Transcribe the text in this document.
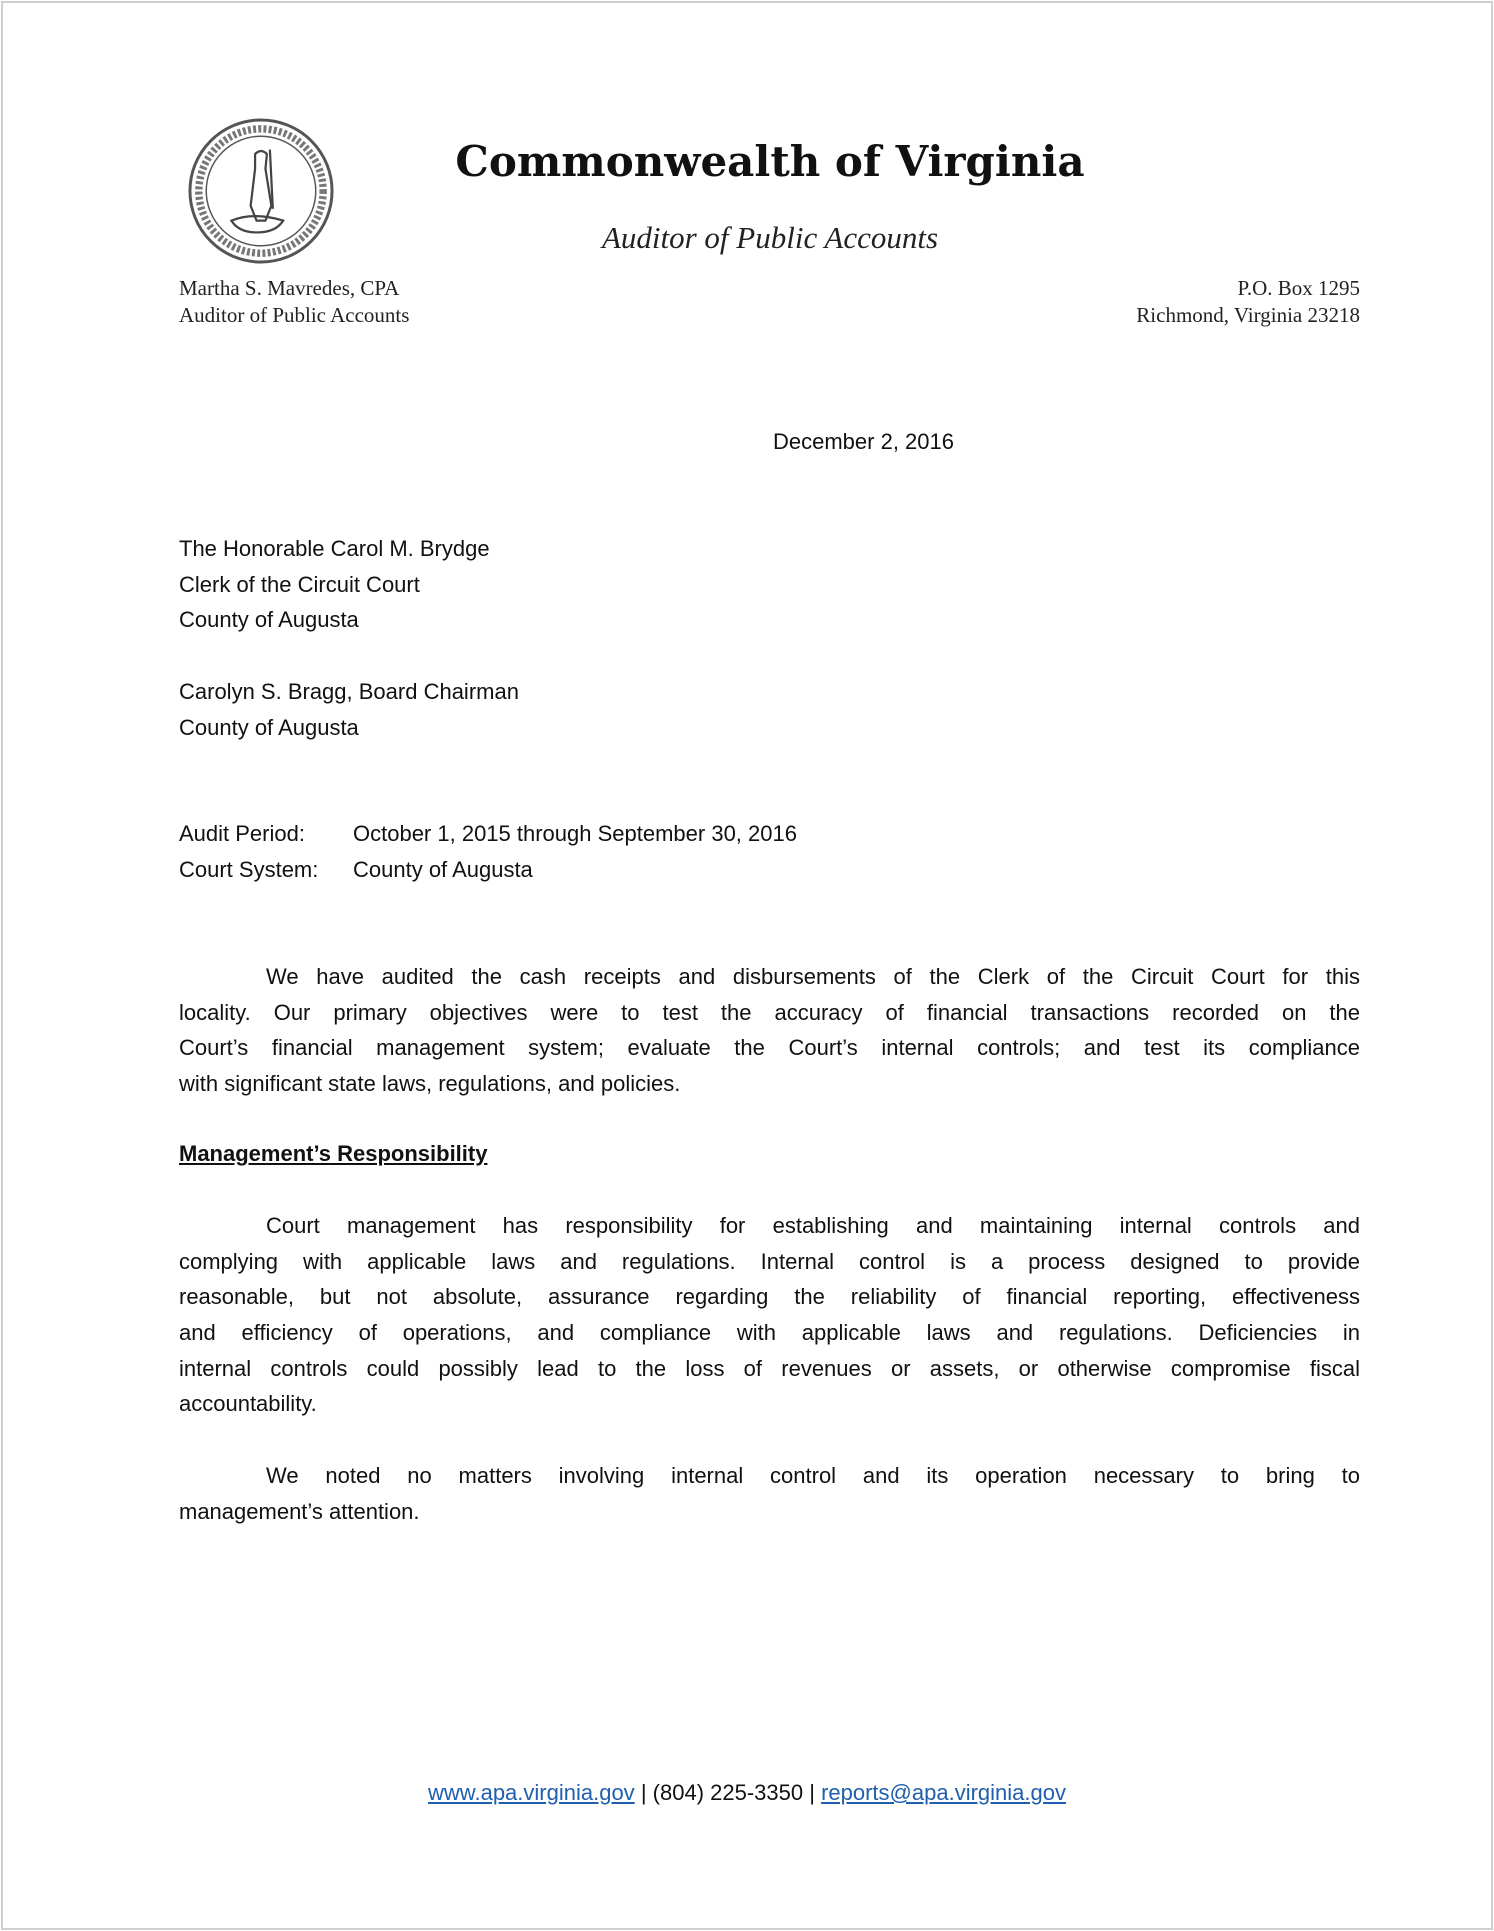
Commonwealth of Virginia
Auditor of Public Accounts
Martha S. Mavredes, CPA
Auditor of Public Accounts
P.O. Box 1295
Richmond, Virginia 23218
December 2, 2016
The Honorable Carol M. Brydge
Clerk of the Circuit Court
County of Augusta
Carolyn S. Bragg, Board Chairman
County of Augusta
Audit Period:	October 1, 2015 through September 30, 2016
Court System:	County of Augusta
We have audited the cash receipts and disbursements of the Clerk of the Circuit Court for this
locality. Our primary objectives were to test the accuracy of financial transactions recorded on the
Court’s financial management system; evaluate the Court’s internal controls; and test its compliance
with significant state laws, regulations, and policies.
Management’s Responsibility
Court management has responsibility for establishing and maintaining internal controls and
complying with applicable laws and regulations. Internal control is a process designed to provide
reasonable, but not absolute, assurance regarding the reliability of financial reporting, effectiveness
and efficiency of operations, and compliance with applicable laws and regulations. Deficiencies in
internal controls could possibly lead to the loss of revenues or assets, or otherwise compromise fiscal
accountability.
We noted no matters involving internal control and its operation necessary to bring to
management’s attention.
www.apa.virginia.gov | (804) 225-3350 | reports@apa.virginia.gov
